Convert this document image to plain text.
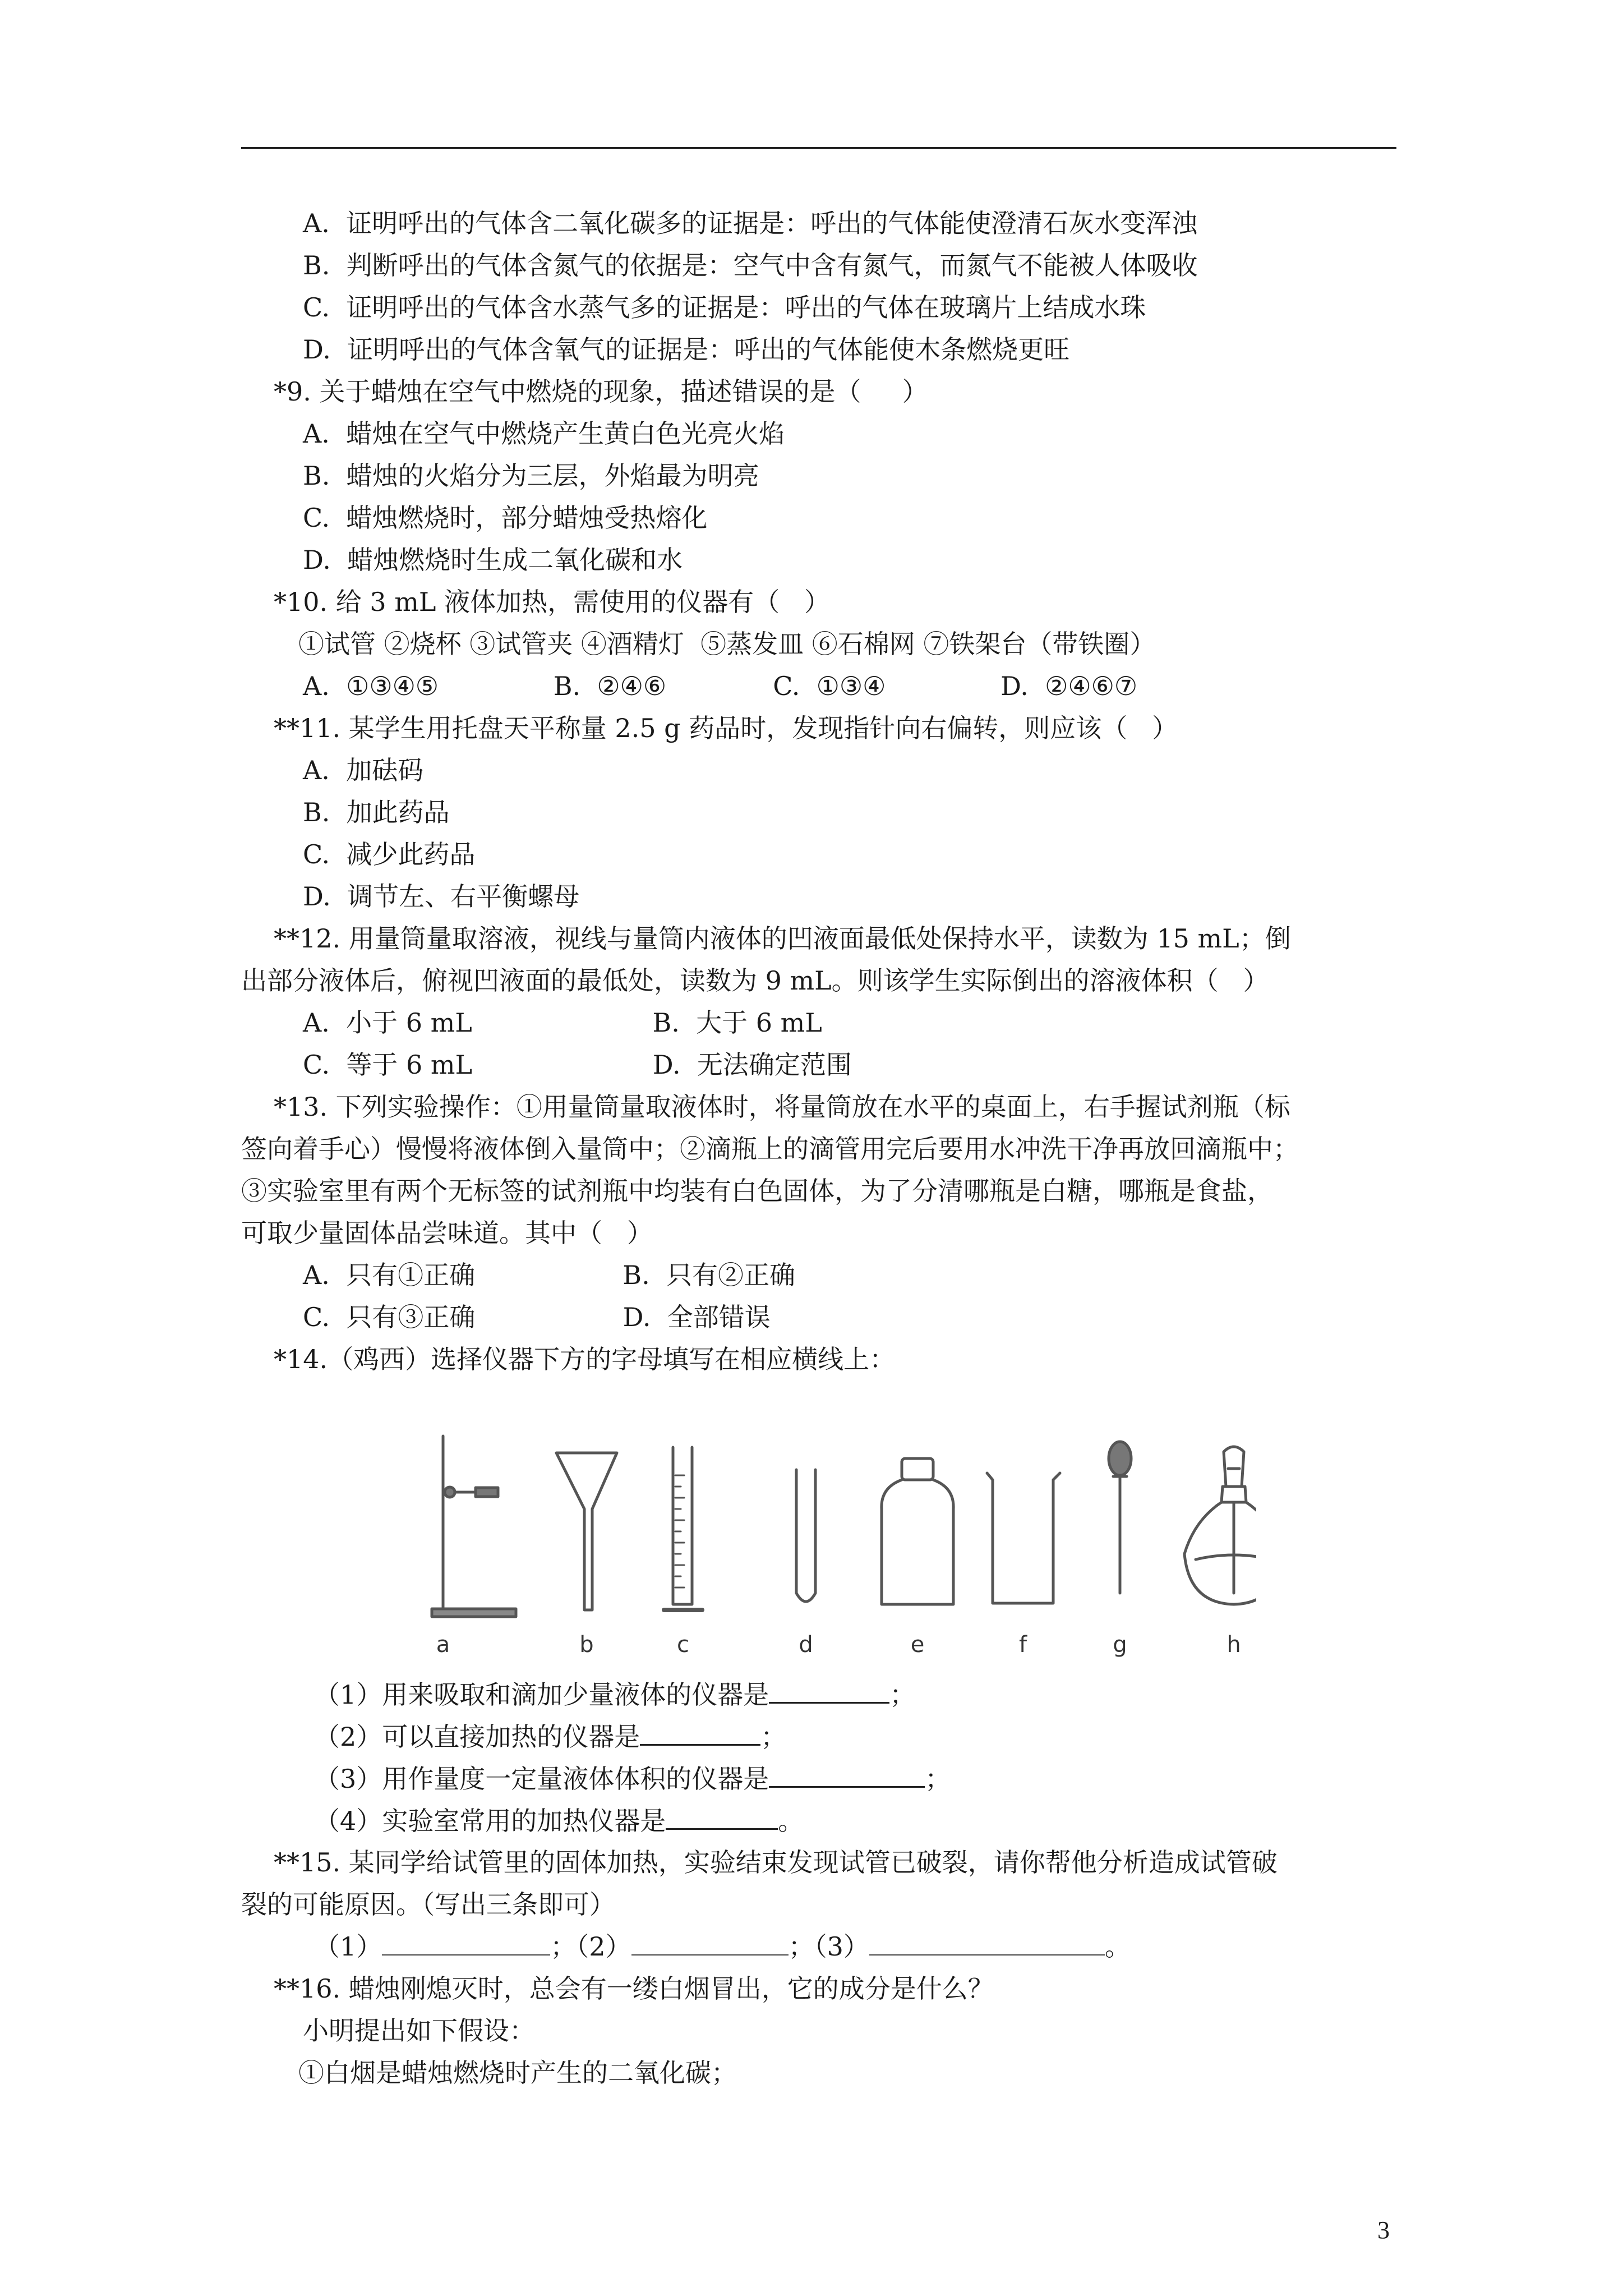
A.  证明呼出的气体含二氧化碳多的证据是：呼出的气体能使澄清石灰水变浑浊
B.  判断呼出的气体含氮气的依据是：空气中含有氮气，而氮气不能被人体吸收
C.  证明呼出的气体含水蒸气多的证据是：呼出的气体在玻璃片上结成水珠
D.  证明呼出的气体含氧气的证据是：呼出的气体能使木条燃烧更旺
*9. 关于蜡烛在空气中燃烧的现象，描述错误的是（     ）
A.  蜡烛在空气中燃烧产生黄白色光亮火焰
B.  蜡烛的火焰分为三层，外焰最为明亮
C.  蜡烛燃烧时，部分蜡烛受热熔化
D.  蜡烛燃烧时生成二氧化碳和水
*10. 给 3 mL 液体加热，需使用的仪器有（   ）
①试管 ②烧杯 ③试管夹 ④酒精灯  ⑤蒸发皿 ⑥石棉网 ⑦铁架台（带铁圈）
A.  ①③④⑤              B.  ②④⑥             C.  ①③④              D.  ②④⑥⑦
**11. 某学生用托盘天平称量 2.5 g 药品时，发现指针向右偏转，则应该（   ）
A.  加砝码
B.  加此药品
C.  减少此药品
D.  调节左、右平衡螺母
**12. 用量筒量取溶液，视线与量筒内液体的凹液面最低处保持水平，读数为 15 mL；倒
出部分液体后，俯视凹液面的最低处，读数为 9 mL。则该学生实际倒出的溶液体积（   ）
A.  小于 6 mL                      B.  大于 6 mL
C.  等于 6 mL                      D.  无法确定范围
*13. 下列实验操作：①用量筒量取液体时，将量筒放在水平的桌面上，右手握试剂瓶（标
签向着手心）慢慢将液体倒入量筒中；②滴瓶上的滴管用完后要用水冲洗干净再放回滴瓶中；
③实验室里有两个无标签的试剂瓶中均装有白色固体，为了分清哪瓶是白糖，哪瓶是食盐，
可取少量固体品尝味道。其中（   ）
A.  只有①正确                  B.  只有②正确
C.  只有③正确                  D.  全部错误
*14.（鸡西）选择仪器下方的字母填写在相应横线上：
a	b	c	d	e	f	g	h
（1）用来吸取和滴加少量液体的仪器是	；
（2）可以直接加热的仪器是	；
（3）用作量度一定量液体体积的仪器是	；
（4）实验室常用的加热仪器是	。
**15. 某同学给试管里的固体加热，实验结束发现试管已破裂，请你帮他分析造成试管破
裂的可能原因。（写出三条即可）
（1）	；（2）	；（3）	。
**16. 蜡烛刚熄灭时，总会有一缕白烟冒出，它的成分是什么？
小明提出如下假设：
①白烟是蜡烛燃烧时产生的二氧化碳；
3
